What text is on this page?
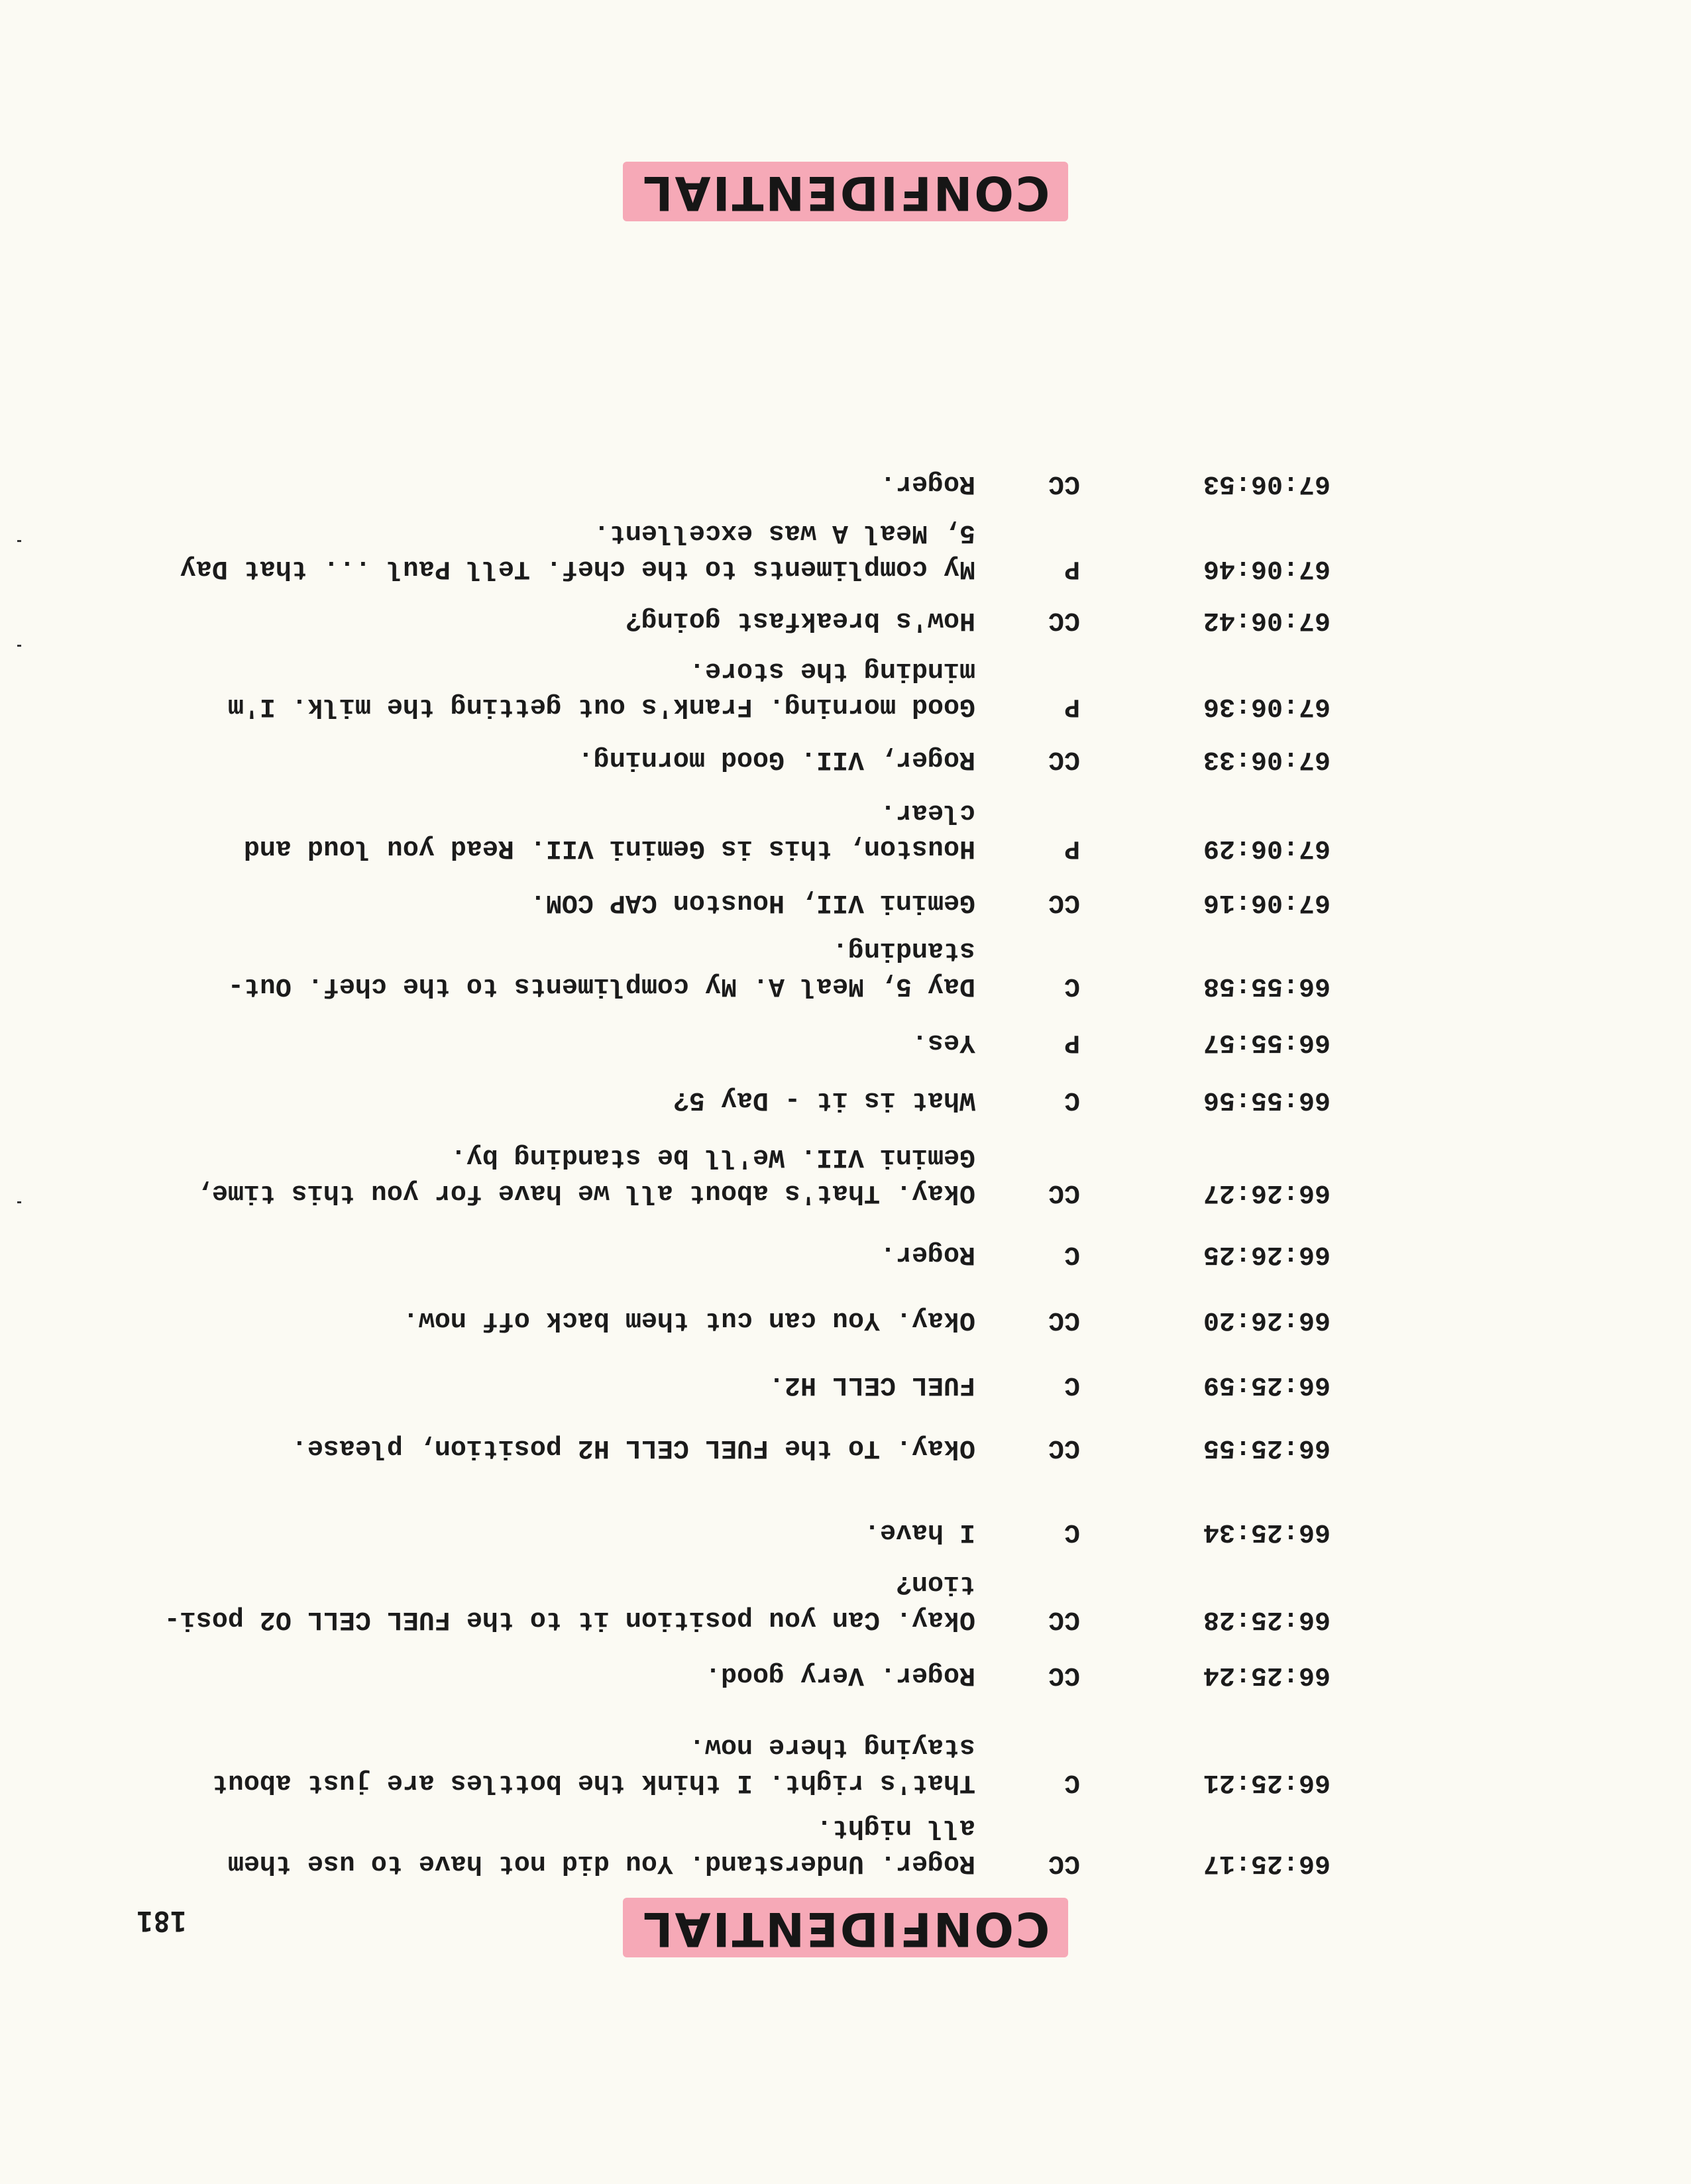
CONFIDENTIAL
181
66:25:17
CC
Roger. Understand. You did not have to use them
all night.
66:25:21
C
That's right. I think the bottles are just about
staying there now.
66:25:24
CC
Roger. Very good.
66:25:28
CC
Okay. Can you position it to the FUEL CELL O2 posi-
tion?
66:25:34
C
I have.
66:25:55
CC
Okay. To the FUEL CELL H2 position, please.
66:25:59
C
FUEL CELL H2.
66:26:20
CC
Okay. You can cut them back off now.
66:26:25
C
Roger.
66:26:27
CC
Okay. That's about all we have for you this time,
Gemini VII. We'll be standing by.
66:55:56
C
What is it - Day 5?
66:55:57
P
Yes.
66:55:58
C
Day 5, Meal A. My compliments to the chef. Out-
standing.
67:06:16
CC
Gemini VII, Houston CAP COM.
67:06:29
P
Houston, this is Gemini VII. Read you loud and
clear.
67:06:33
CC
Roger, VII. Good morning.
67:06:36
P
Good morning. Frank's out getting the milk. I'm
minding the store.
67:06:42
CC
How's breakfast going?
67:06:46
P
My compliments to the chef. Tell Paul ... that Day
5, Meal A was excellent.
67:06:53
CC
Roger.
CONFIDENTIAL
